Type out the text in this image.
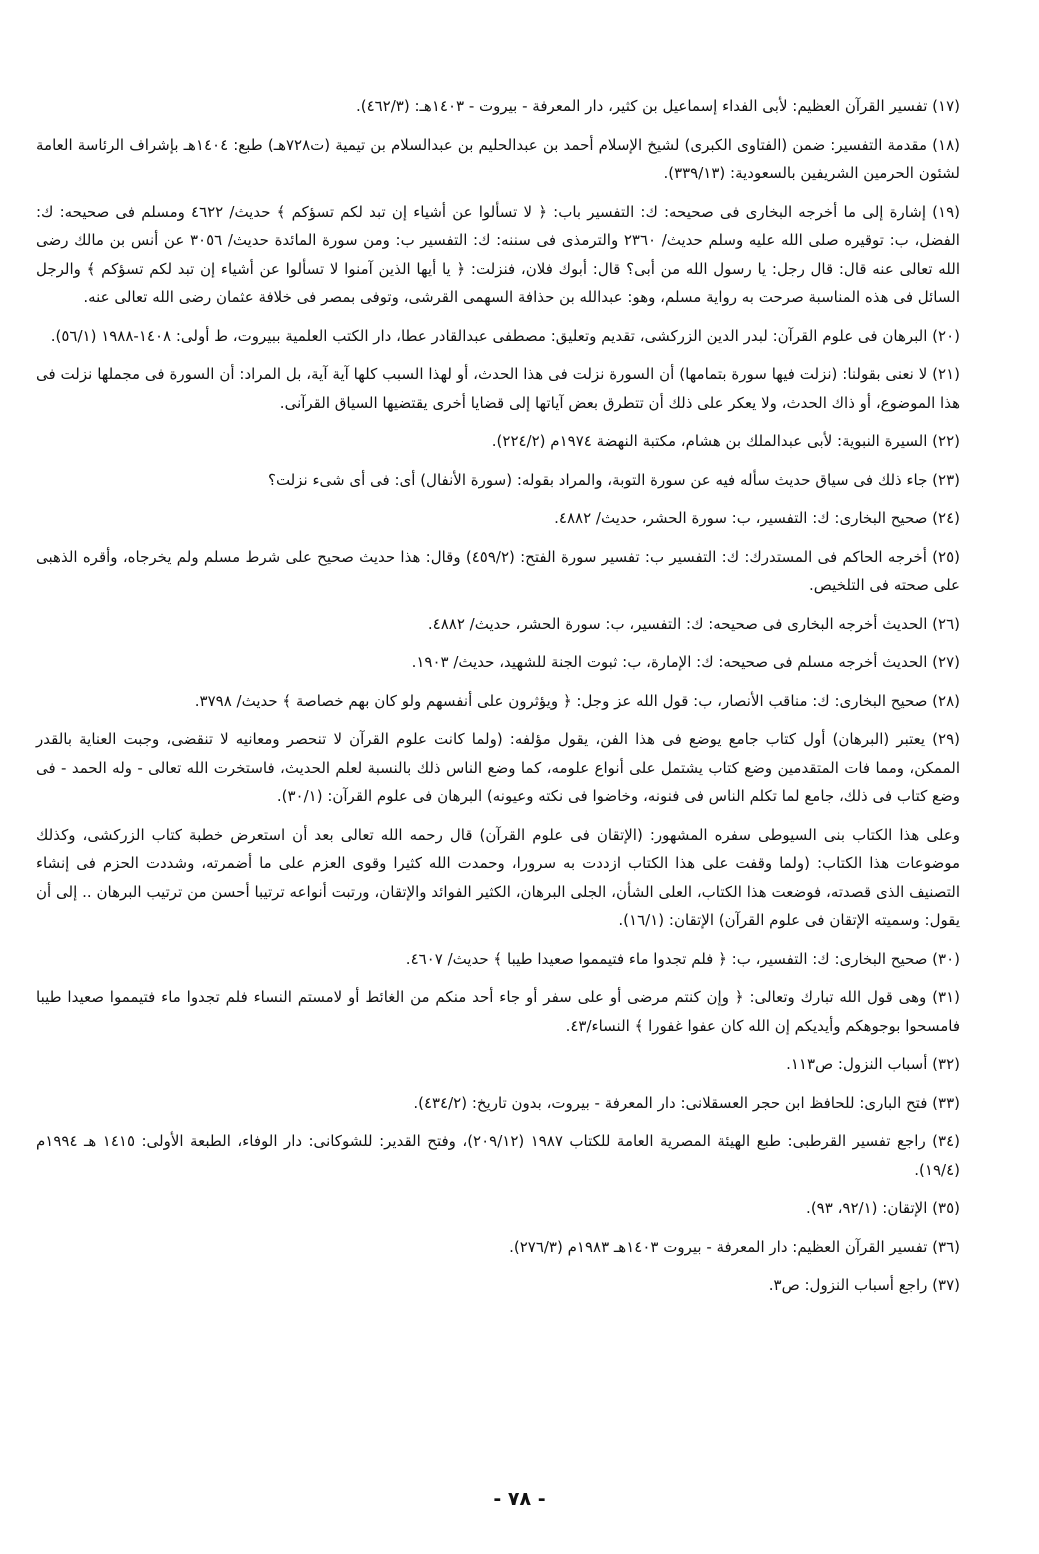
(١٧) تفسير القرآن العظيم: لأبى الفداء إسماعيل بن كثير، دار المعرفة - بيروت - ١٤٠٣هـ: (٤٦٢/٣).

(١٨) مقدمة التفسير: ضمن (الفتاوى الكبرى) لشيخ الإسلام أحمد بن عبدالحليم بن عبدالسلام بن تيمية (ت٧٢٨هـ) طبع: ١٤٠٤هـ بإشراف الرئاسة العامة لشئون الحرمين الشريفين بالسعودية: (٣٣٩/١٣).

(١٩) إشارة إلى ما أخرجه البخارى فى صحيحه: ك: التفسير باب: ﴿ لا تسألوا عن أشياء إن تبد لكم تسؤكم ﴾ حديث/ ٤٦٢٢ ومسلم فى صحيحه: ك: الفضل، ب: توقيره صلى الله عليه وسلم حديث/ ٢٣٦٠ والترمذى فى سننه: ك: التفسير ب: ومن سورة المائدة حديث/ ٣٠٥٦ عن أنس بن مالك رضى الله تعالى عنه قال: قال رجل: يا رسول الله من أبى؟ قال: أبوك فلان، فنزلت: ﴿ يا أيها الذين آمنوا لا تسألوا عن أشياء إن تبد لكم تسؤكم ﴾ والرجل السائل فى هذه المناسبة صرحت به رواية مسلم، وهو: عبدالله بن حذافة السهمى القرشى، وتوفى بمصر فى خلافة عثمان رضى الله تعالى عنه.

(٢٠) البرهان فى علوم القرآن: لبدر الدين الزركشى، تقديم وتعليق: مصطفى عبدالقادر عطا، دار الكتب العلمية ببيروت، ط أولى: ١٤٠٨-١٩٨٨ (٥٦/١).

(٢١) لا نعنى بقولنا: (نزلت فيها سورة بتمامها) أن السورة نزلت فى هذا الحدث، أو لهذا السبب كلها آية آية، بل المراد: أن السورة فى مجملها نزلت فى هذا الموضوع، أو ذاك الحدث، ولا يعكر على ذلك أن تتطرق بعض آياتها إلى قضايا أخرى يقتضيها السياق القرآنى.

(٢٢) السيرة النبوية: لأبى عبدالملك بن هشام، مكتبة النهضة ١٩٧٤م (٢٢٤/٢).

(٢٣) جاء ذلك فى سياق حديث سأله فيه عن سورة التوبة، والمراد بقوله: (سورة الأنفال) أى: فى أى شىء نزلت؟

(٢٤) صحيح البخارى: ك: التفسير، ب: سورة الحشر، حديث/ ٤٨٨٢.

(٢٥) أخرجه الحاكم فى المستدرك: ك: التفسير ب: تفسير سورة الفتح: (٤٥٩/٢) وقال: هذا حديث صحيح على شرط مسلم ولم يخرجاه، وأقره الذهبى على صحته فى التلخيص.

(٢٦) الحديث أخرجه البخارى فى صحيحه: ك: التفسير، ب: سورة الحشر، حديث/ ٤٨٨٢.

(٢٧) الحديث أخرجه مسلم فى صحيحه: ك: الإمارة، ب: ثبوت الجنة للشهيد، حديث/ ١٩٠٣.

(٢٨) صحيح البخارى: ك: مناقب الأنصار، ب: قول الله عز وجل: ﴿ ويؤثرون على أنفسهم ولو كان بهم خصاصة ﴾ حديث/ ٣٧٩٨.

(٢٩) يعتبر (البرهان) أول كتاب جامع يوضع فى هذا الفن، يقول مؤلفه: (ولما كانت علوم القرآن لا تنحصر ومعانيه لا تنقضى، وجبت العناية بالقدر الممكن، ومما فات المتقدمين وضع كتاب يشتمل على أنواع علومه، كما وضع الناس ذلك بالنسبة لعلم الحديث، فاستخرت الله تعالى - وله الحمد - فى وضع كتاب فى ذلك، جامع لما تكلم الناس فى فنونه، وخاضوا فى نكته وعيونه) البرهان فى علوم القرآن: (٣٠/١).

وعلى هذا الكتاب بنى السيوطى سفره المشهور: (الإتقان فى علوم القرآن) قال رحمه الله تعالى بعد أن استعرض خطبة كتاب الزركشى، وكذلك موضوعات هذا الكتاب: (ولما وقفت على هذا الكتاب ازددت به سرورا، وحمدت الله كثيرا وقوى العزم على ما أضمرته، وشددت الحزم فى إنشاء التصنيف الذى قصدته، فوضعت هذا الكتاب، العلى الشأن، الجلى البرهان، الكثير الفوائد والإتقان، ورتبت أنواعه ترتيبا أحسن من ترتيب البرهان .. إلى أن يقول: وسميته الإتقان فى علوم القرآن) الإتقان: (١٦/١).

(٣٠) صحيح البخارى: ك: التفسير، ب: ﴿ فلم تجدوا ماء فتيمموا صعيدا طيبا ﴾ حديث/ ٤٦٠٧.

(٣١) وهى قول الله تبارك وتعالى: ﴿ وإن كنتم مرضى أو على سفر أو جاء أحد منكم من الغائط أو لامستم النساء فلم تجدوا ماء فتيمموا صعيدا طيبا فامسحوا بوجوهكم وأيديكم إن الله كان عفوا غفورا ﴾ النساء/٤٣.

(٣٢) أسباب النزول: ص١١٣.

(٣٣) فتح البارى: للحافظ ابن حجر العسقلانى: دار المعرفة - بيروت، بدون تاريخ: (٤٣٤/٢).

(٣٤) راجع تفسير القرطبى: طبع الهيئة المصرية العامة للكتاب ١٩٨٧ (٢٠٩/١٢)، وفتح القدير: للشوكانى: دار الوفاء، الطبعة الأولى: ١٤١٥ هـ ١٩٩٤م (١٩/٤).

(٣٥) الإتقان: (٩٢/١، ٩٣).

(٣٦) تفسير القرآن العظيم: دار المعرفة - بيروت ١٤٠٣هـ ١٩٨٣م (٢٧٦/٣).

(٣٧) راجع أسباب النزول: ص٣.

- ٧٨ -
